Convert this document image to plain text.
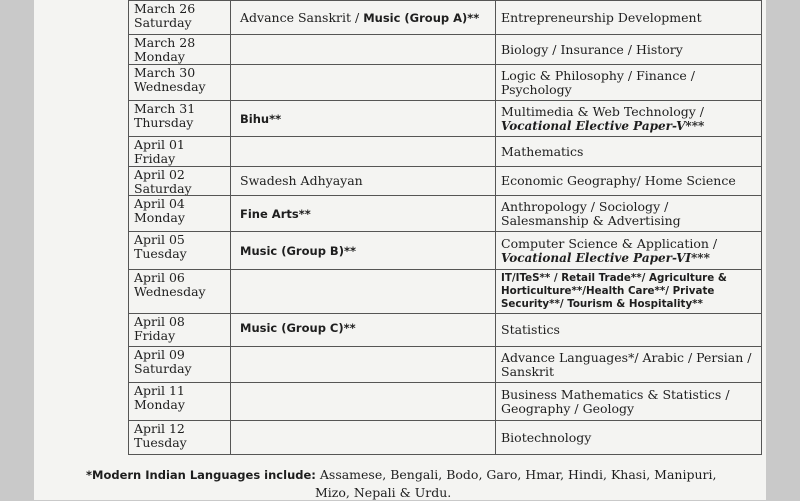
March 26
Saturday	Advance Sanskrit / Music (Group A)**	Entrepreneurship Development
March 28
Monday		Biology / Insurance / History
March 30
Wednesday		Logic & Philosophy / Finance / Psychology
March 31
Thursday	Bihu**	Multimedia & Web Technology /
Vocational Elective Paper-V***
April 01
Friday		Mathematics
April 02
Saturday	Swadesh Adhyayan	Economic Geography/ Home Science
April 04
Monday	Fine Arts**	Anthropology / Sociology / Salesmanship & Advertising
April 05
Tuesday	Music (Group B)**	Computer Science & Application /
Vocational Elective Paper-VI***
April 06
Wednesday		IT/ITeS** / Retail Trade**/ Agriculture & Horticulture**/Health Care**/ Private Security**/ Tourism & Hospitality**
April 08
Friday	Music (Group C)**	Statistics
April 09
Saturday		Advance Languages*/ Arabic / Persian / Sanskrit
April 11
Monday		Business Mathematics & Statistics / Geography / Geology
April 12
Tuesday		Biotechnology
*Modern Indian Languages include: Assamese, Bengali, Bodo, Garo, Hmar, Hindi, Khasi, Manipuri,
Mizo, Nepali & Urdu.
